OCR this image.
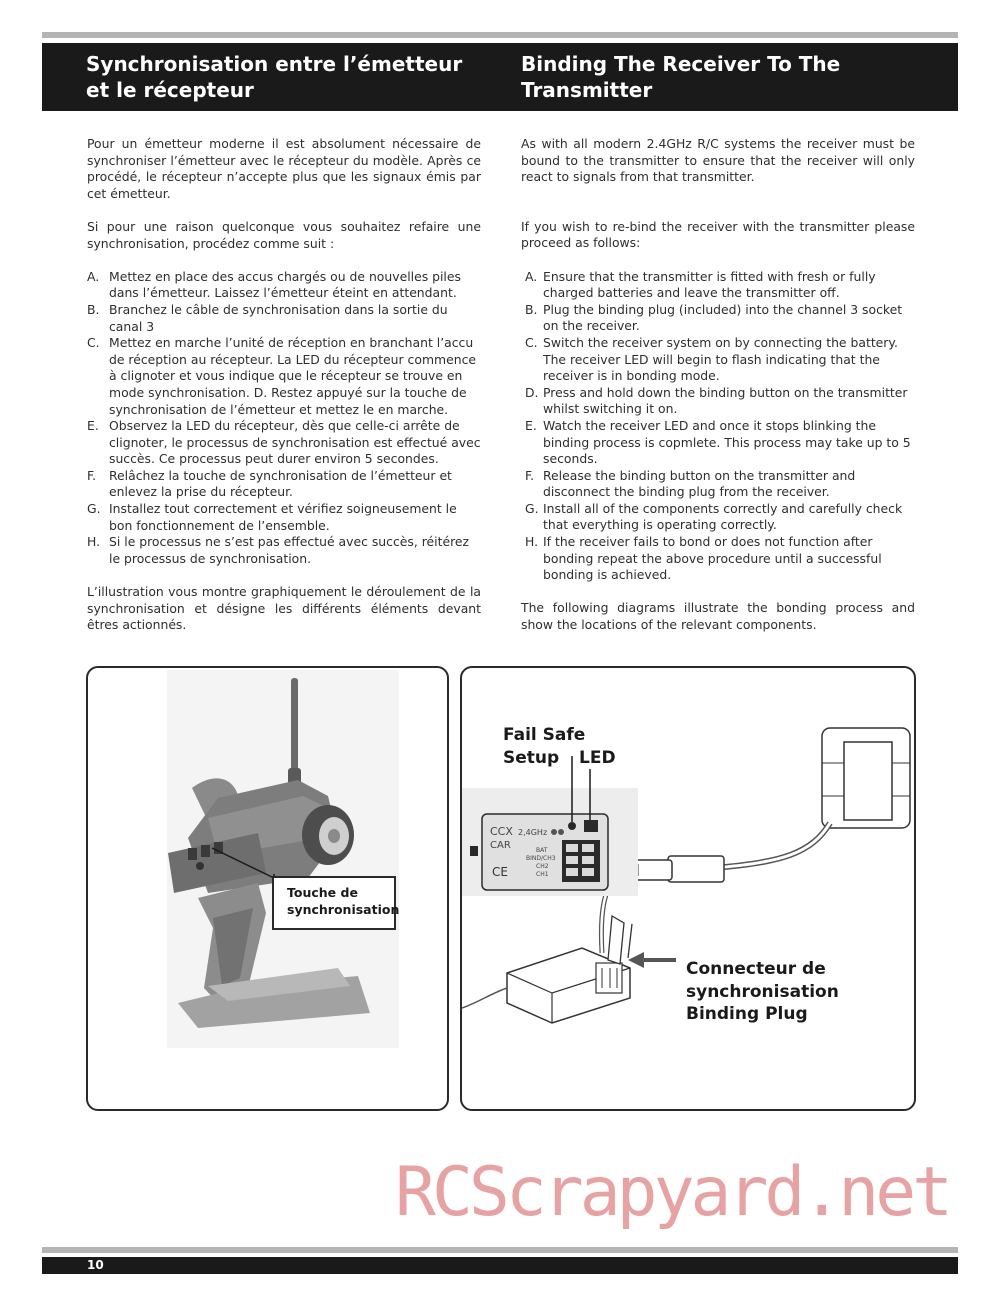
Synchronisation entre l’émetteur
et le récepteur
Binding The Receiver To The
Transmitter

Pour un émetteur moderne il est absolument nécessaire de synchroniser l’émetteur avec le récepteur du modèle. Après ce procédé, le récepteur n’accepte plus que les signaux émis par cet émetteur.

Si pour une raison quelconque vous souhaitez refaire une synchronisation, procédez comme suit :

A. Mettez en place des accus chargés ou de nouvelles piles dans l’émetteur. Laissez l’émetteur éteint en attendant.
B. Branchez le câble de synchronisation dans la sortie du canal 3
C. Mettez en marche l’unité de réception en branchant l’accu de réception au récepteur. La LED du récepteur commence à clignoter et vous indique que le récepteur se trouve en mode synchronisation. D. Restez appuyé sur la touche de synchronisation de l’émetteur et mettez le en marche.
E. Observez la LED du récepteur, dès que celle-ci arrête de clignoter, le processus de synchronisation est effectué avec succès. Ce processus peut durer environ 5 secondes.
F. Relâchez la touche de synchronisation de l’émetteur et enlevez la prise du récepteur.
G. Installez tout correctement et vérifiez soigneusement le bon fonctionnement de l’ensemble.
H. Si le processus ne s’est pas effectué avec succès, réitérez le processus de synchronisation.

L’illustration vous montre graphiquement le déroulement de la synchronisation et désigne les différents éléments devant êtres actionnés.

As with all modern 2.4GHz R/C systems the receiver must be bound to the transmitter to ensure that the receiver will only react to signals from that transmitter.

If you wish to re-bind the receiver with the transmitter please proceed as follows:

A. Ensure that the transmitter is fitted with fresh or fully charged batteries and leave the transmitter off.
B. Plug the binding plug (included) into the channel 3 socket on the receiver.
C. Switch the receiver system on by connecting the battery. The receiver LED will begin to flash indicating that the receiver is in bonding mode.
D. Press and hold down the binding button on the transmitter whilst switching it on.
E. Watch the receiver LED and once it stops blinking the binding process is copmlete. This process may take up to 5 seconds.
F. Release the binding button on the transmitter and disconnect the binding plug from the receiver.
G. Install all of the components correctly and carefully check that everything is operating correctly.
H. If the receiver fails to bond or does not function after bonding repeat the above procedure until a successful bonding is achieved.

The following diagrams illustrate the bonding process and show the locations of the relevant components.

Touche de
synchronisation
CCX 2,4GHz
CAR	BAT
BIND/CH3
CH2
CH1
CE
Fail Safe
Setup	LED
Connecteur de
synchronisation
Binding Plug
RCScrapyard.net
10
